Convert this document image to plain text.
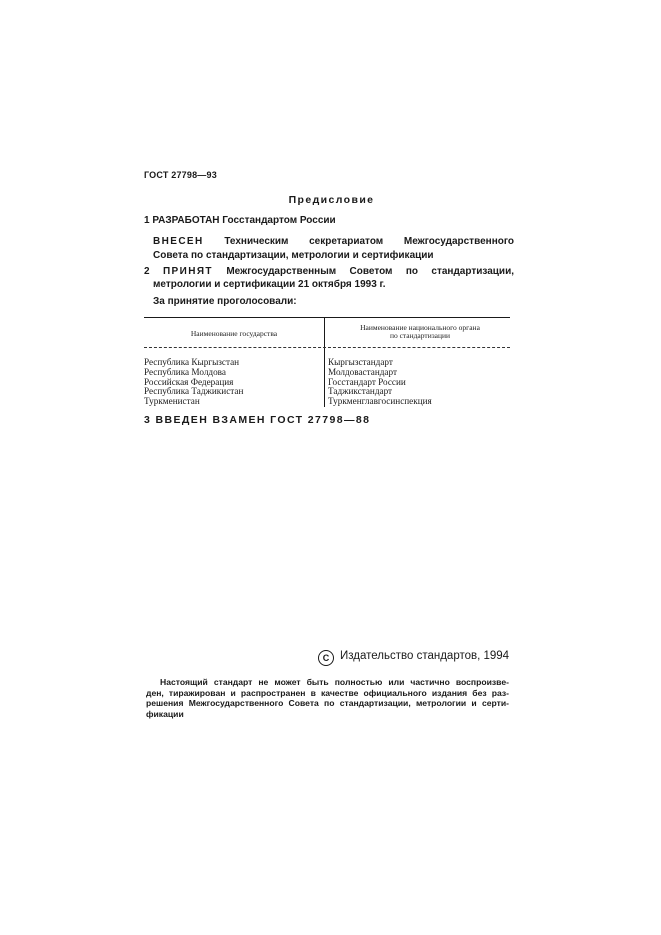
ГОСТ 27798—93
Предисловие
1 РАЗРАБОТАН Госстандартом России
ВНЕСЕН Техническим секретариатом Межгосударственного
Совета по стандартизации, метрологии и сертификации
2 ПРИНЯТ Межгосударственным Советом по стандартизации,
метрологии и сертификации 21 октября 1993 г.
За принятие проголосовали:
Наименование государства
Наименование национального органа по стандартизации
Республика Кыргызстан
Республика Молдова
Российская Федерация
Республика Таджикистан
Туркменистан
Кыргызстандарт
Молдовастандарт
Госстандарт России
Таджикстандарт
Туркменглавгосинспекция
3 ВВЕДЕН ВЗАМЕН ГОСТ 27798—88
С Издательство стандартов, 1994
Настоящий стандарт не может быть полностью или частично воспроизве-
ден, тиражирован и распространен в качестве официального издания без раз-
решения Межгосударственного Совета по стандартизации, метрологии и серти-
фикации
